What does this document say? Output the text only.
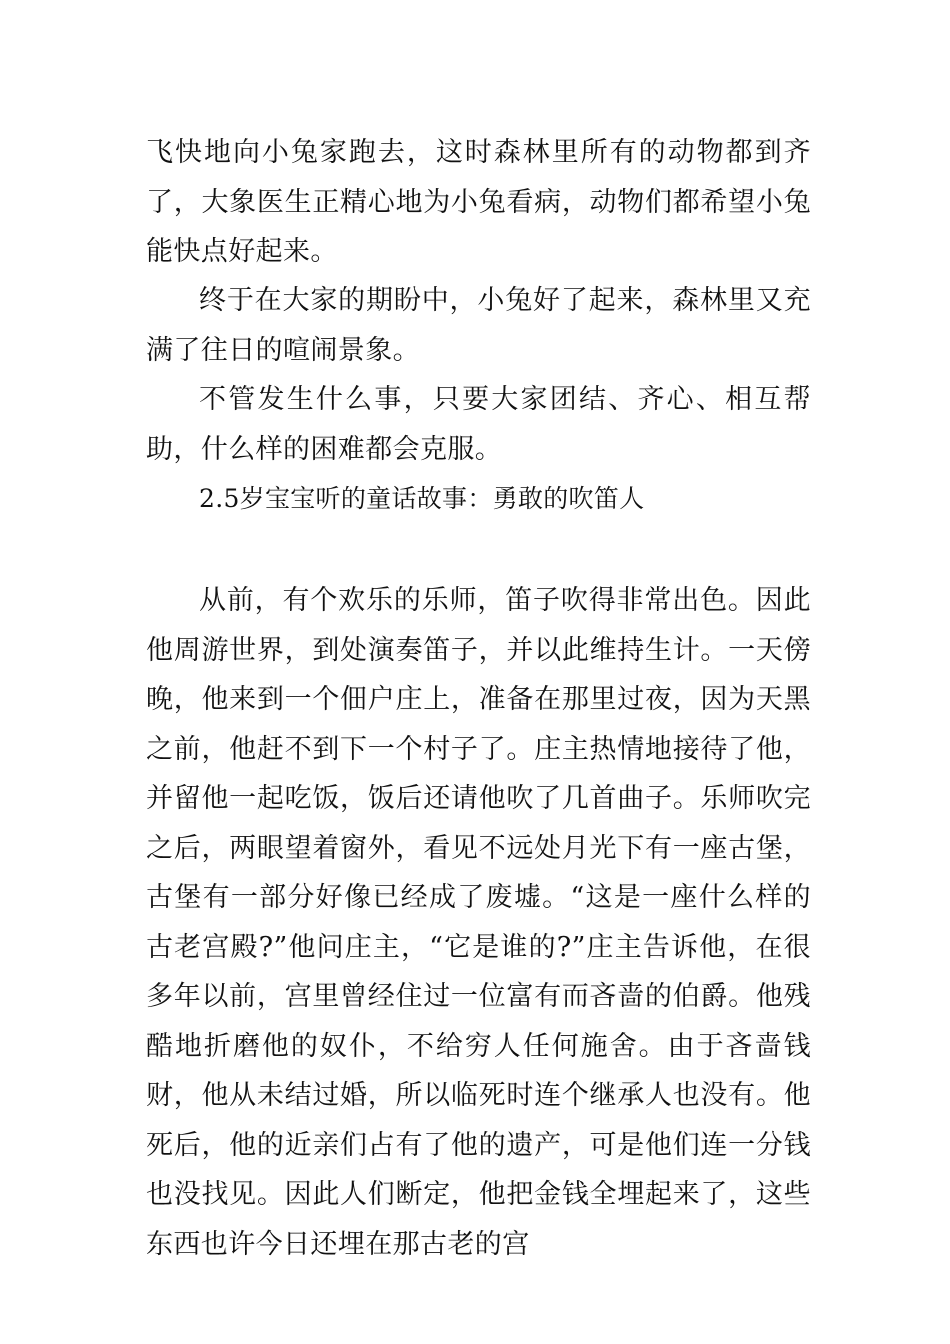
飞快地向小兔家跑去，这时森林里所有的动物都到齐了，大象医生正精心地为小兔看病，动物们都希望小兔能快点好起来。

终于在大家的期盼中，小兔好了起来，森林里又充满了往日的喧闹景象。

不管发生什么事，只要大家团结、齐心、相互帮助，什么样的困难都会克服。

2.5岁宝宝听的童话故事：勇敢的吹笛人

从前，有个欢乐的乐师，笛子吹得非常出色。因此他周游世界，到处演奏笛子，并以此维持生计。一天傍晚，他来到一个佃户庄上，准备在那里过夜，因为天黑之前，他赶不到下一个村子了。庄主热情地接待了他，并留他一起吃饭，饭后还请他吹了几首曲子。乐师吹完之后，两眼望着窗外，看见不远处月光下有一座古堡，古堡有一部分好像已经成了废墟。“这是一座什么样的古老宫殿?”他问庄主，“它是谁的?”庄主告诉他，在很多年以前，宫里曾经住过一位富有而吝啬的伯爵。他残酷地折磨他的奴仆，不给穷人任何施舍。由于吝啬钱财，他从未结过婚，所以临死时连个继承人也没有。他死后，他的近亲们占有了他的遗产，可是他们连一分钱也没找见。因此人们断定，他把金钱全埋起来了，这些东西也许今日还埋在那古老的宫
